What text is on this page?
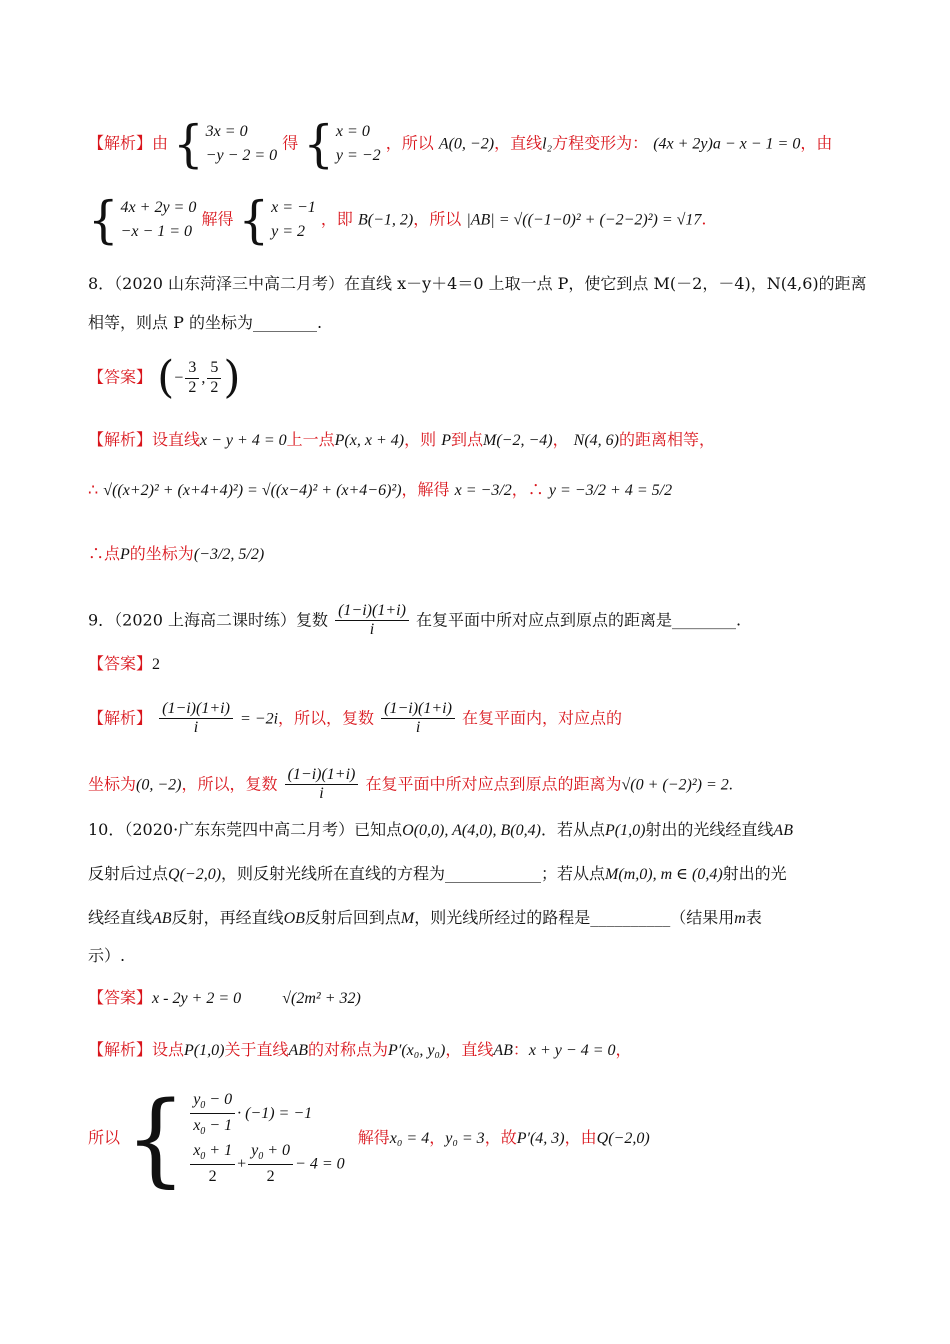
【解析】由 { 3x = 0
−y − 2 = 0
得 { x = 0
y = −2
，所以 A(0, −2)，直线l₂方程变形为： (4x + 2y)a − x − 1 = 0，由
{ 4x + 2y = 0
−x − 1 = 0
解得 { x = −1
y = 2
，即 B(−1, 2)，所以 |AB| = √((−1−0)² + (−2−2)²) = √17.
8．（2020 山东菏泽三中高二月考）在直线 x－y＋4＝0 上取一点 P，使它到点 M(－2，－4)，N(4,6)的距离
相等，则点 P 的坐标为________.
【答案】 (− $\frac{3}{2}$ , $\frac{5}{2}$ )
【解析】设直线x − y + 4 = 0上一点P(x, x + 4)，则 P到点M(−2, −4)， N(4, 6)的距离相等，
∴ √((x+2)² + (x+4+4)²) = √((x−4)² + (x+4−6)²)，解得 x = −3/2，∴ y = −3/2 + 4 = 5/2
∴点P的坐标为(−3/2, 5/2)
9．（2020 上海高二课时练）复数 $\frac{(1-i)(1+i)}{i}$ 在复平面中所对应点到原点的距离是________.
【答案】2
【解析】 $\frac{(1-i)(1+i)}{i} = -2i$，所以，复数 $\frac{(1-i)(1+i)}{i}$ 在复平面内，对应点的
坐标为(0, −2)，所以，复数 $\frac{(1-i)(1+i)}{i}$ 在复平面中所对应点到原点的距离为√(0 + (−2)²) = 2.
10．（2020·广东东莞四中高二月考）已知点O(0,0), A(4,0), B(0,4)．若从点P(1,0)射出的光线经直线AB
反射后过点Q(−2,0)，则反射光线所在直线的方程为____________；若从点M(m,0), m ∈ (0,4)射出的光
线经直线AB反射，再经直线OB反射后回到点M，则光线所经过的路程是__________（结果用m表
示）.
【答案】x - 2y + 2 = 0	√(2m² + 32)
【解析】设点P(1,0)关于直线AB的对称点为P′(x₀, y₀)，直线AB：x + y − 4 = 0，
所以 { $\frac{y_0 - 0}{x_0 - 1} \cdot (-1) = -1$
$\frac{x_0 + 1}{2} + \frac{y_0 + 0}{2} - 4 = 0$
解得x₀ = 4，y₀ = 3，故P′(4, 3)，由Q(−2,0)
